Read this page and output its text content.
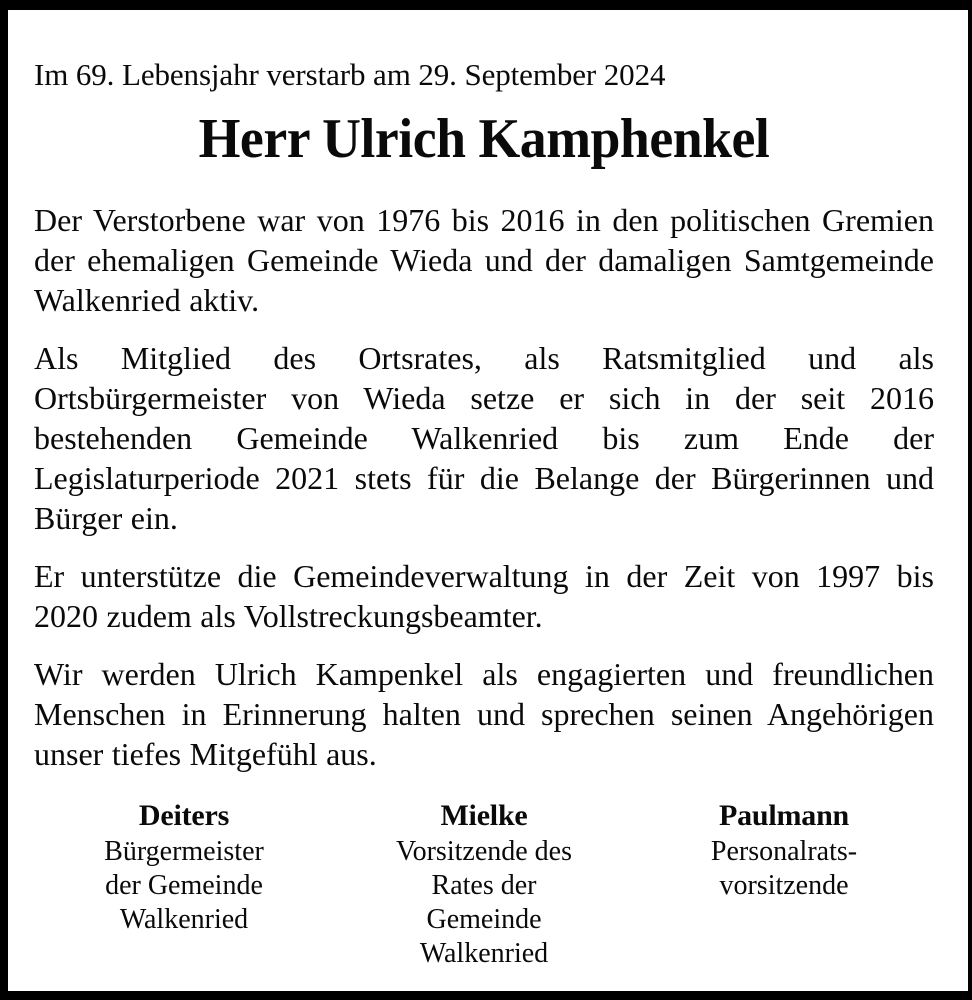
Im 69. Lebensjahr verstarb am 29. September 2024

Herr Ulrich Kamphenkel

Der Verstorbene war von 1976 bis 2016 in den politischen Gremien der ehemaligen Gemeinde Wieda und der damaligen Samtgemeinde Walkenried aktiv.

Als Mitglied des Ortsrates, als Ratsmitglied und als Ortsbürgermeister von Wieda setze er sich in der seit 2016 bestehenden Gemeinde Walkenried bis zum Ende der Legislaturperiode 2021 stets für die Belange der Bürgerinnen und Bürger ein.

Er unterstütze die Gemeindeverwaltung in der Zeit von 1997 bis 2020 zudem als Vollstreckungsbeamter.

Wir werden Ulrich Kampenkel als engagierten und freundlichen Menschen in Erinnerung halten und sprechen seinen Angehörigen unser tiefes Mitgefühl aus.

Deiters
Bürgermeister
der Gemeinde
Walkenried
Mielke
Vorsitzende des
Rates der
Gemeinde
Walkenried
Paulmann
Personalrats-
vorsitzende
